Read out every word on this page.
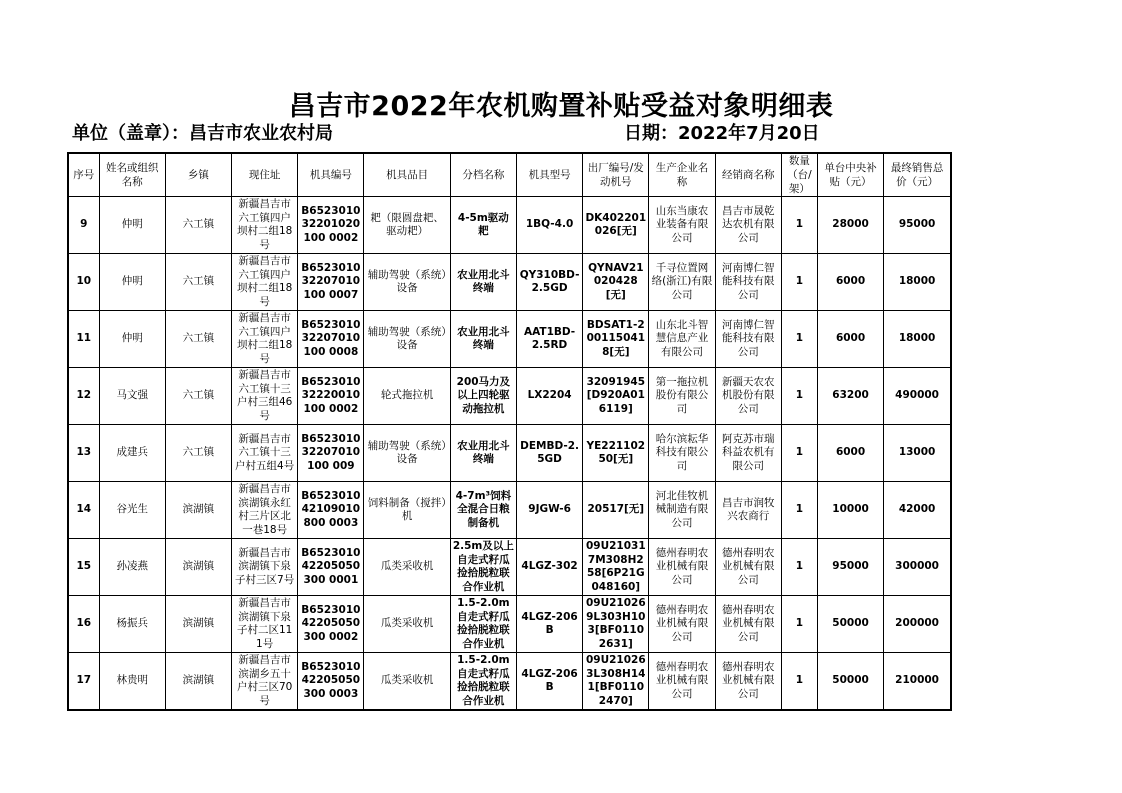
昌吉市2022年农机购置补贴受益对象明细表
单位（盖章）：昌吉市农业农村局	日期：2022年7月20日
序号	姓名或组织名称	乡镇	现住址	机具编号	机具品目	分档名称	机具型号	出厂编号/发动机号	生产企业名称	经销商名称	数量（台/架）	单台中央补贴（元）	最终销售总价（元）
9	仲明	六工镇	新疆昌吉市六工镇四户坝村二组18号	B652301032201020100 0002	耙（限圆盘耙、驱动耙）	4-5m驱动耙	1BQ-4.0	DK402201026[无]	山东当康农业装备有限公司	昌吉市晟乾达农机有限公司	1	28000	95000
10	仲明	六工镇	新疆昌吉市六工镇四户坝村二组18号	B652301032207010100 0007	辅助驾驶（系统）设备	农业用北斗终端	QY310BD-2.5GD	QYNAV21020428[无]	千寻位置网络(浙江)有限公司	河南博仁智能科技有限公司	1	6000	18000
11	仲明	六工镇	新疆昌吉市六工镇四户坝村二组18号	B652301032207010100 0008	辅助驾驶（系统）设备	农业用北斗终端	AAT1BD-2.5RD	BDSAT1-2001150418[无]	山东北斗智慧信息产业有限公司	河南博仁智能科技有限公司	1	6000	18000
12	马文强	六工镇	新疆昌吉市六工镇十三户村三组46号	B652301032220010100 0002	轮式拖拉机	200马力及以上四轮驱动拖拉机	LX2204	32091945[D920A016119]	第一拖拉机股份有限公司	新疆天农农机股份有限公司	1	63200	490000
13	成建兵	六工镇	新疆昌吉市六工镇十三户村五组4号	B652301032207010100 009	辅助驾驶（系统）设备	农业用北斗终端	DEMBD-2.5GD	YE22110250[无]	哈尔滨耘华科技有限公司	阿克苏市瑞科益农机有限公司	1	6000	13000
14	谷光生	滨湖镇	新疆昌吉市滨湖镇永红村三片区北一巷18号	B652301042109010800 0003	饲料制备（搅拌）机	4-7m³饲料全混合日粮制备机	9JGW-6	20517[无]	河北佳牧机械制造有限公司	昌吉市润牧兴农商行	1	10000	42000
15	孙凌燕	滨湖镇	新疆昌吉市滨湖镇下泉子村三区7号	B652301042205050300 0001	瓜类采收机	2.5m及以上自走式籽瓜捡拾脱粒联合作业机	4LGZ-302	09U210317M308H258[6P21G048160]	德州春明农业机械有限公司	德州春明农业机械有限公司	1	95000	300000
16	杨振兵	滨湖镇	新疆昌吉市滨湖镇下泉子村二区111号	B652301042205050300 0002	瓜类采收机	1.5-2.0m自走式籽瓜捡拾脱粒联合作业机	4LGZ-206B	09U210269L303H103[BF01102631]	德州春明农业机械有限公司	德州春明农业机械有限公司	1	50000	200000
17	林贵明	滨湖镇	新疆昌吉市滨湖乡五十户村三区70号	B652301042205050300 0003	瓜类采收机	1.5-2.0m自走式籽瓜捡拾脱粒联合作业机	4LGZ-206B	09U210263L308H141[BF01102470]	德州春明农业机械有限公司	德州春明农业机械有限公司	1	50000	210000
